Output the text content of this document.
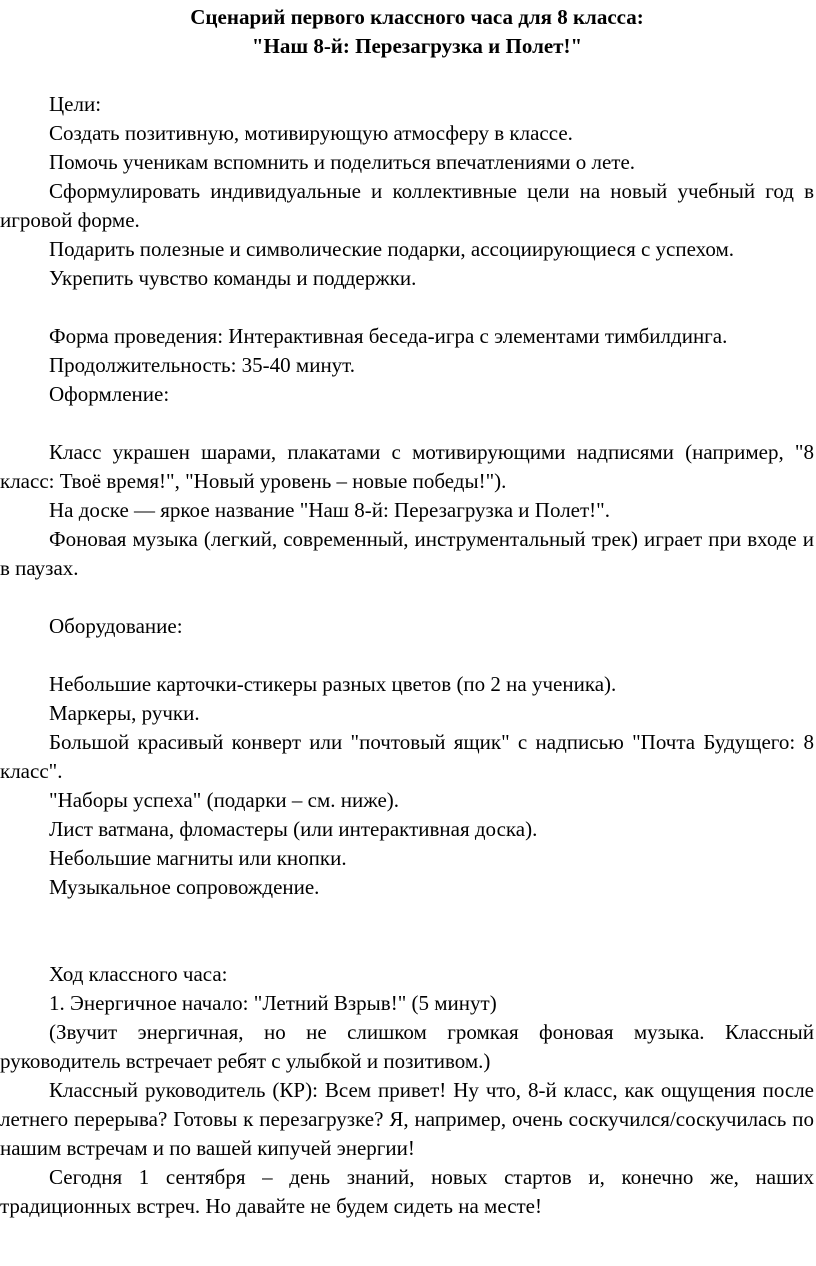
Сценарий первого классного часа для 8 класса:
"Наш 8-й: Перезагрузка и Полет!"

Цели:

Создать позитивную, мотивирующую атмосферу в классе.

Помочь ученикам вспомнить и поделиться впечатлениями о лете.

Сформулировать индивидуальные и коллективные цели на новый учебный год в игровой форме.

Подарить полезные и символические подарки, ассоциирующиеся с успехом.

Укрепить чувство команды и поддержки.

Форма проведения: Интерактивная беседа-игра с элементами тимбилдинга.

Продолжительность: 35-40 минут.

Оформление:

Класс украшен шарами, плакатами с мотивирующими надписями (например, "8 класс: Твоё время!", "Новый уровень – новые победы!").

На доске — яркое название "Наш 8-й: Перезагрузка и Полет!".

Фоновая музыка (легкий, современный, инструментальный трек) играет при входе и в паузах.

Оборудование:

Небольшие карточки-стикеры разных цветов (по 2 на ученика).

Маркеры, ручки.

Большой красивый конверт или "почтовый ящик" с надписью "Почта Будущего: 8 класс".

"Наборы успеха" (подарки – см. ниже).

Лист ватмана, фломастеры (или интерактивная доска).

Небольшие магниты или кнопки.

Музыкальное сопровождение.

Ход классного часа:

1. Энергичное начало: "Летний Взрыв!" (5 минут)

(Звучит энергичная, но не слишком громкая фоновая музыка. Классный руководитель встречает ребят с улыбкой и позитивом.)

Классный руководитель (КР): Всем привет! Ну что, 8-й класс, как ощущения после летнего перерыва? Готовы к перезагрузке? Я, например, очень соскучился/соскучилась по нашим встречам и по вашей кипучей энергии!

Сегодня 1 сентября – день знаний, новых стартов и, конечно же, наших традиционных встреч. Но давайте не будем сидеть на месте!
